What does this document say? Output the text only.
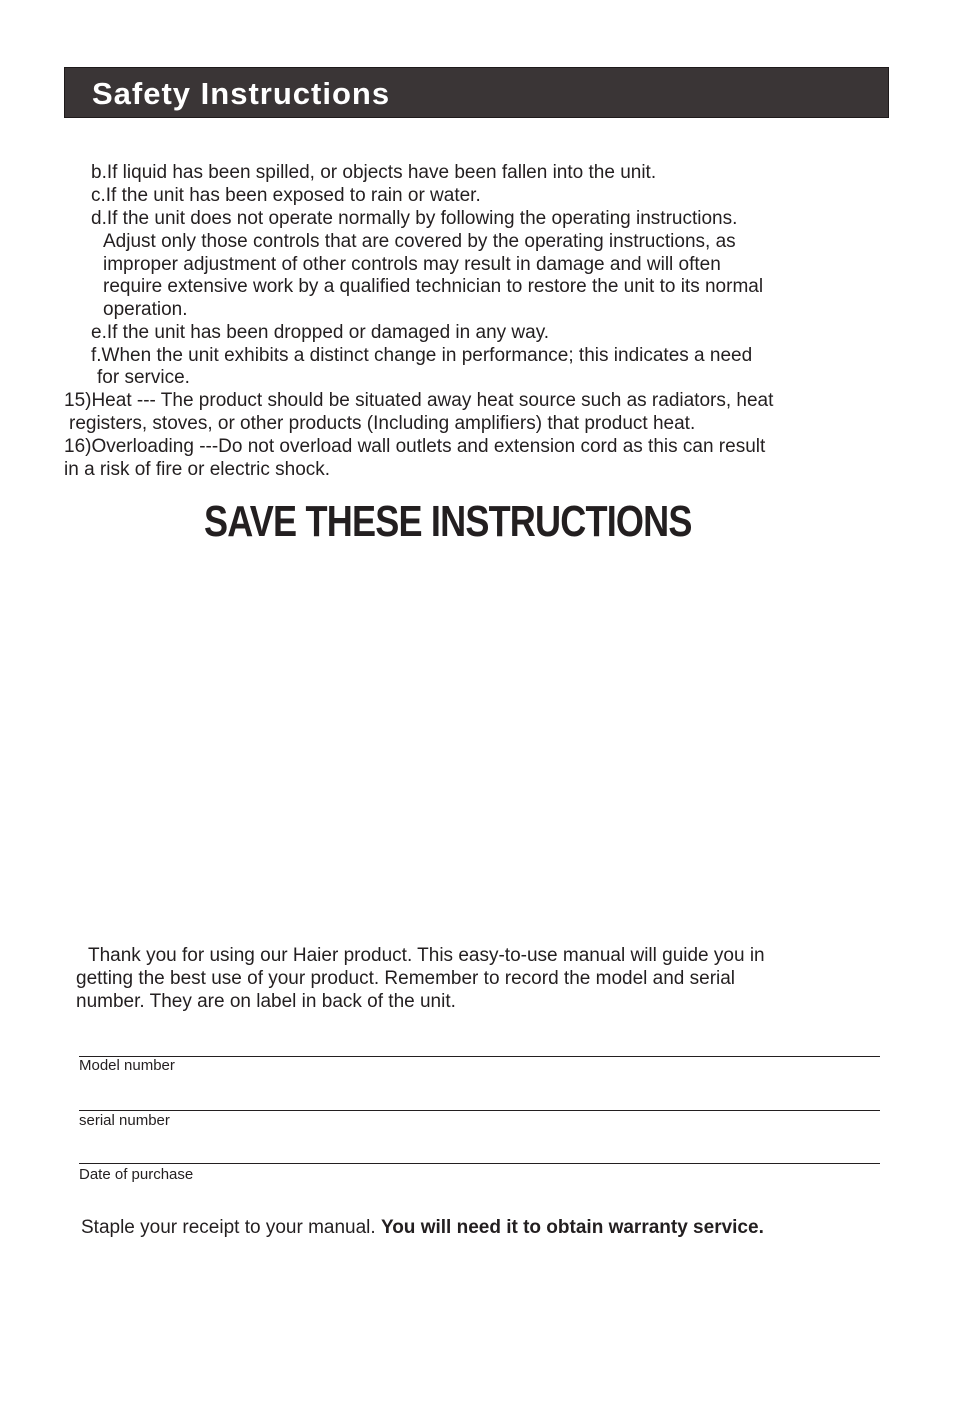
Safety Instructions
b.If liquid has been spilled, or objects have been fallen into the unit.
c.If the unit has been exposed to rain or water.
d.If the unit does not operate normally by following the operating instructions.
Adjust only those controls that are covered by the operating instructions, as
improper adjustment of other controls may result in damage and will often
require extensive work by a qualified technician to restore the unit to its normal
operation.
e.If the unit has been dropped or damaged in any way.
f.When the unit exhibits a distinct change in performance; this indicates a need
for service.
15)Heat --- The product should be situated away heat source such as radiators, heat
registers, stoves, or other products (Including amplifiers) that product heat.
16)Overloading ---Do not overload wall outlets and extension cord as this can result
in a risk of fire or electric shock.
SAVE THESE INSTRUCTIONS
Thank you for using our Haier product. This easy-to-use manual will guide you in
getting the best use of your product. Remember to record the model and serial
number. They are on label in back of the unit.
Model number
serial number
Date of purchase
Staple your receipt to your manual. You will need it to obtain warranty service.
